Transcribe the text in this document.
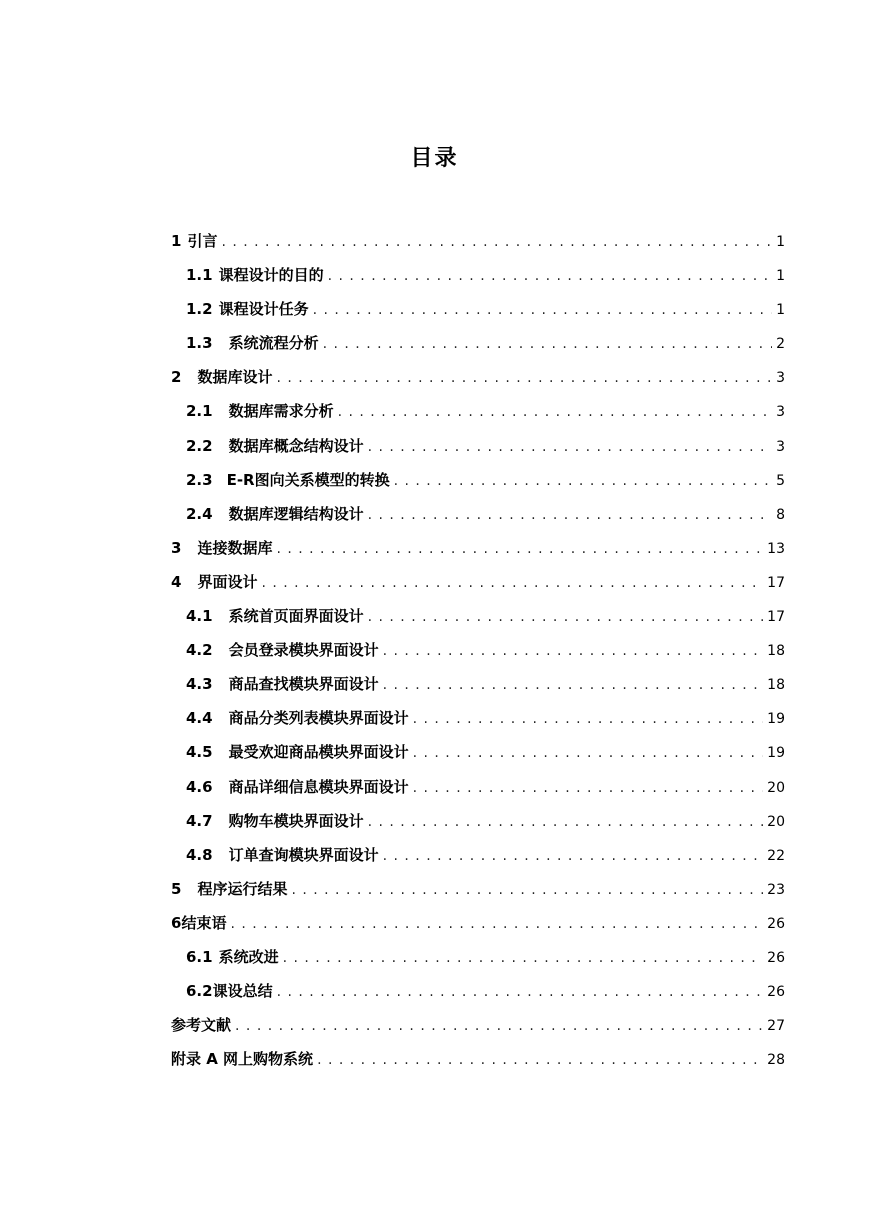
目录
1 引言 . . .	1
1.1 课程设计的目的 . . .	1
1.2 课程设计任务 . . .	1
1.3 系统流程分析 . . .	2
2 数据库设计 . . .	3
2.1 数据库需求分析 . . .	3
2.2 数据库概念结构设计 . . .	3
2.3 E-R图向关系模型的转换 . . .	5
2.4 数据库逻辑结构设计 . . .	8
3 连接数据库 . . .	13
4 界面设计 . . .	17
4.1 系统首页面界面设计 . . .	17
4.2 会员登录模块界面设计 . . .	18
4.3 商品查找模块界面设计 . . .	18
4.4 商品分类列表模块界面设计 . . .	19
4.5 最受欢迎商品模块界面设计 . . .	19
4.6 商品详细信息模块界面设计 . . .	20
4.7 购物车模块界面设计 . . .	20
4.8 订单查询模块界面设计 . . .	22
5 程序运行结果 . . .	23
6 结束语 . . .	26
6.1 系统改进 . . .	26
6.2 课设总结 . . .	26
参考文献 . . .	27
附录 A 网上购物系统 . . .	28
